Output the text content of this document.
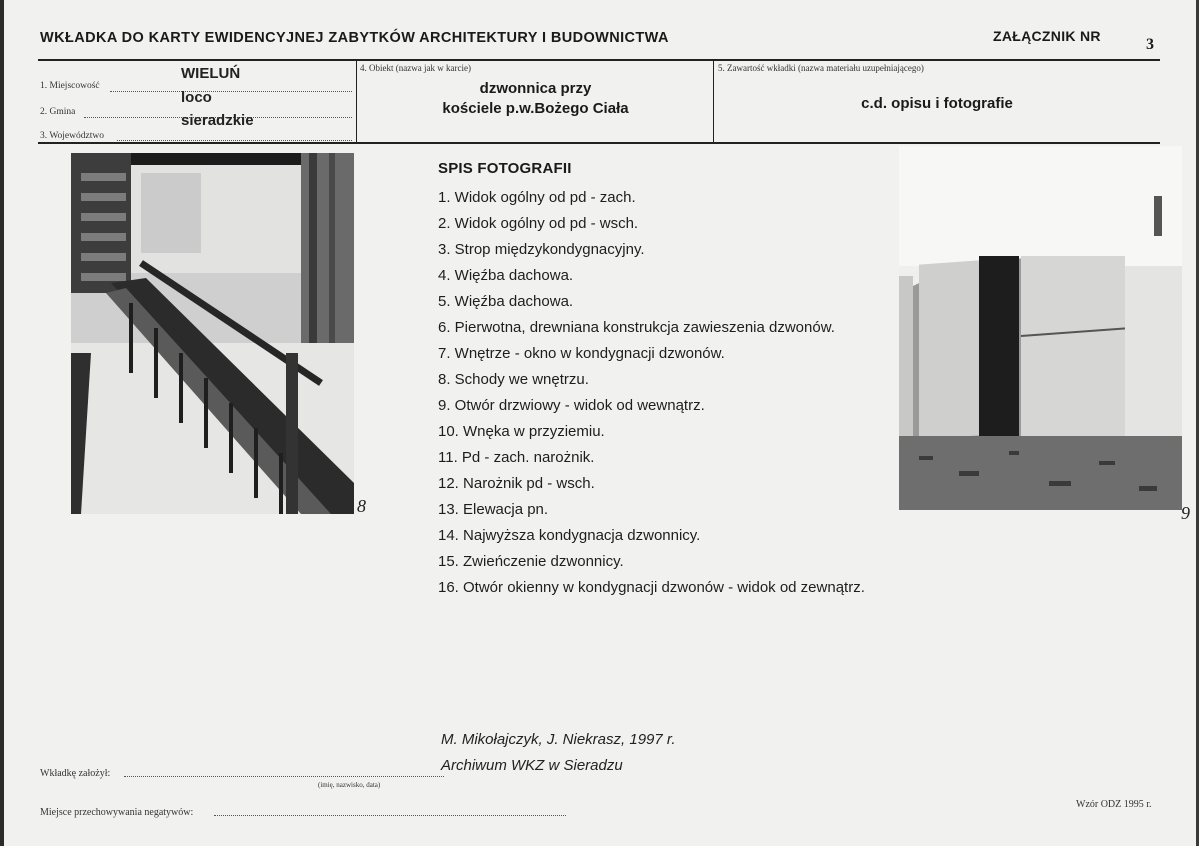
WKŁADKA DO KARTY EWIDENCYJNEJ ZABYTKÓW ARCHITEKTURY I BUDOWNICTWA	ZAŁĄCZNIK NR	3
1. Miejscowość
WIELUŃ
2. Gmina
loco
3. Województwo
sieradzkie
4. Obiekt (nazwa jak w karcie)
dzwonnica przy
kościele p.w.Bożego Ciała
5. Zawartość wkładki (nazwa materiału uzupełniającego)
c.d. opisu i fotografie
8	9
SPIS FOTOGRAFII
1. Widok ogólny od pd - zach.
2. Widok ogólny od pd - wsch.
3. Strop międzykondygnacyjny.
4. Więźba dachowa.
5. Więźba dachowa.
6. Pierwotna, drewniana konstrukcja zawieszenia dzwonów.
7. Wnętrze - okno w kondygnacji dzwonów.
8. Schody we wnętrzu.
9. Otwór drzwiowy - widok od wewnątrz.
10. Wnęka w przyziemiu.
11. Pd - zach. narożnik.
12. Narożnik pd - wsch.
13. Elewacja pn.
14. Najwyższa kondygnacja dzwonnicy.
15. Zwieńczenie dzwonnicy.
16. Otwór okienny w kondygnacji dzwonów - widok od zewnątrz.
M. Mikołajczyk, J. Niekrasz, 1997 r.
Archiwum WKZ w Sieradzu
Wkładkę założył:
(imię, nazwisko, data)
Miejsce przechowywania negatywów:
Wzór ODZ 1995 r.
